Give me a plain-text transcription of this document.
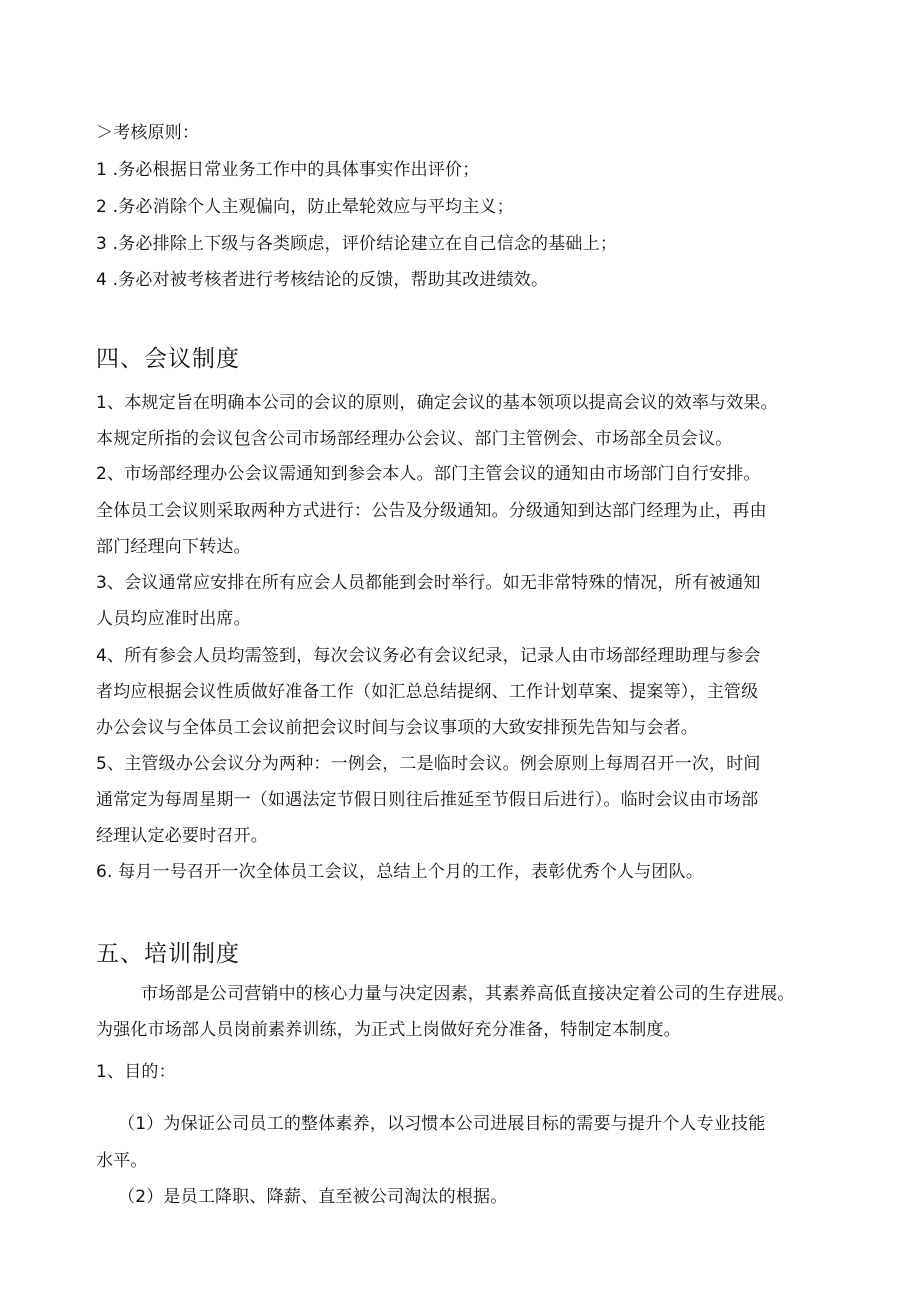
＞考核原则：
1 .务必根据日常业务工作中的具体事实作出评价；
2 .务必消除个人主观偏向，防止晕轮效应与平均主义；
3 .务必排除上下级与各类顾虑，评价结论建立在自己信念的基础上；
4 .务必对被考核者进行考核结论的反馈，帮助其改进绩效。
四、会议制度
1、本规定旨在明确本公司的会议的原则，确定会议的基本领项以提高会议的效率与效果。
本规定所指的会议包含公司市场部经理办公会议、部门主管例会、市场部全员会议。
2、市场部经理办公会议需通知到参会本人。部门主管会议的通知由市场部门自行安排。
全体员工会议则采取两种方式进行：公告及分级通知。分级通知到达部门经理为止，再由
部门经理向下转达。
3、会议通常应安排在所有应会人员都能到会时举行。如无非常特殊的情况，所有被通知
人员均应准时出席。
4、所有参会人员均需签到，每次会议务必有会议纪录，记录人由市场部经理助理与参会
者均应根据会议性质做好准备工作（如汇总总结提纲、工作计划草案、提案等），主管级
办公会议与全体员工会议前把会议时间与会议事项的大致安排预先告知与会者。
5、主管级办公会议分为两种：一例会，二是临时会议。例会原则上每周召开一次，时间
通常定为每周星期一（如遇法定节假日则往后推延至节假日后进行）。临时会议由市场部
经理认定必要时召开。
6. 每月一号召开一次全体员工会议，总结上个月的工作，表彰优秀个人与团队。
五、培训制度
市场部是公司营销中的核心力量与决定因素，其素养高低直接决定着公司的生存进展。
为强化市场部人员岗前素养训练，为正式上岗做好充分准备，特制定本制度。
1、目的：
（1）为保证公司员工的整体素养，以习惯本公司进展目标的需要与提升个人专业技能
水平。
（2）是员工降职、降薪、直至被公司淘汰的根据。
